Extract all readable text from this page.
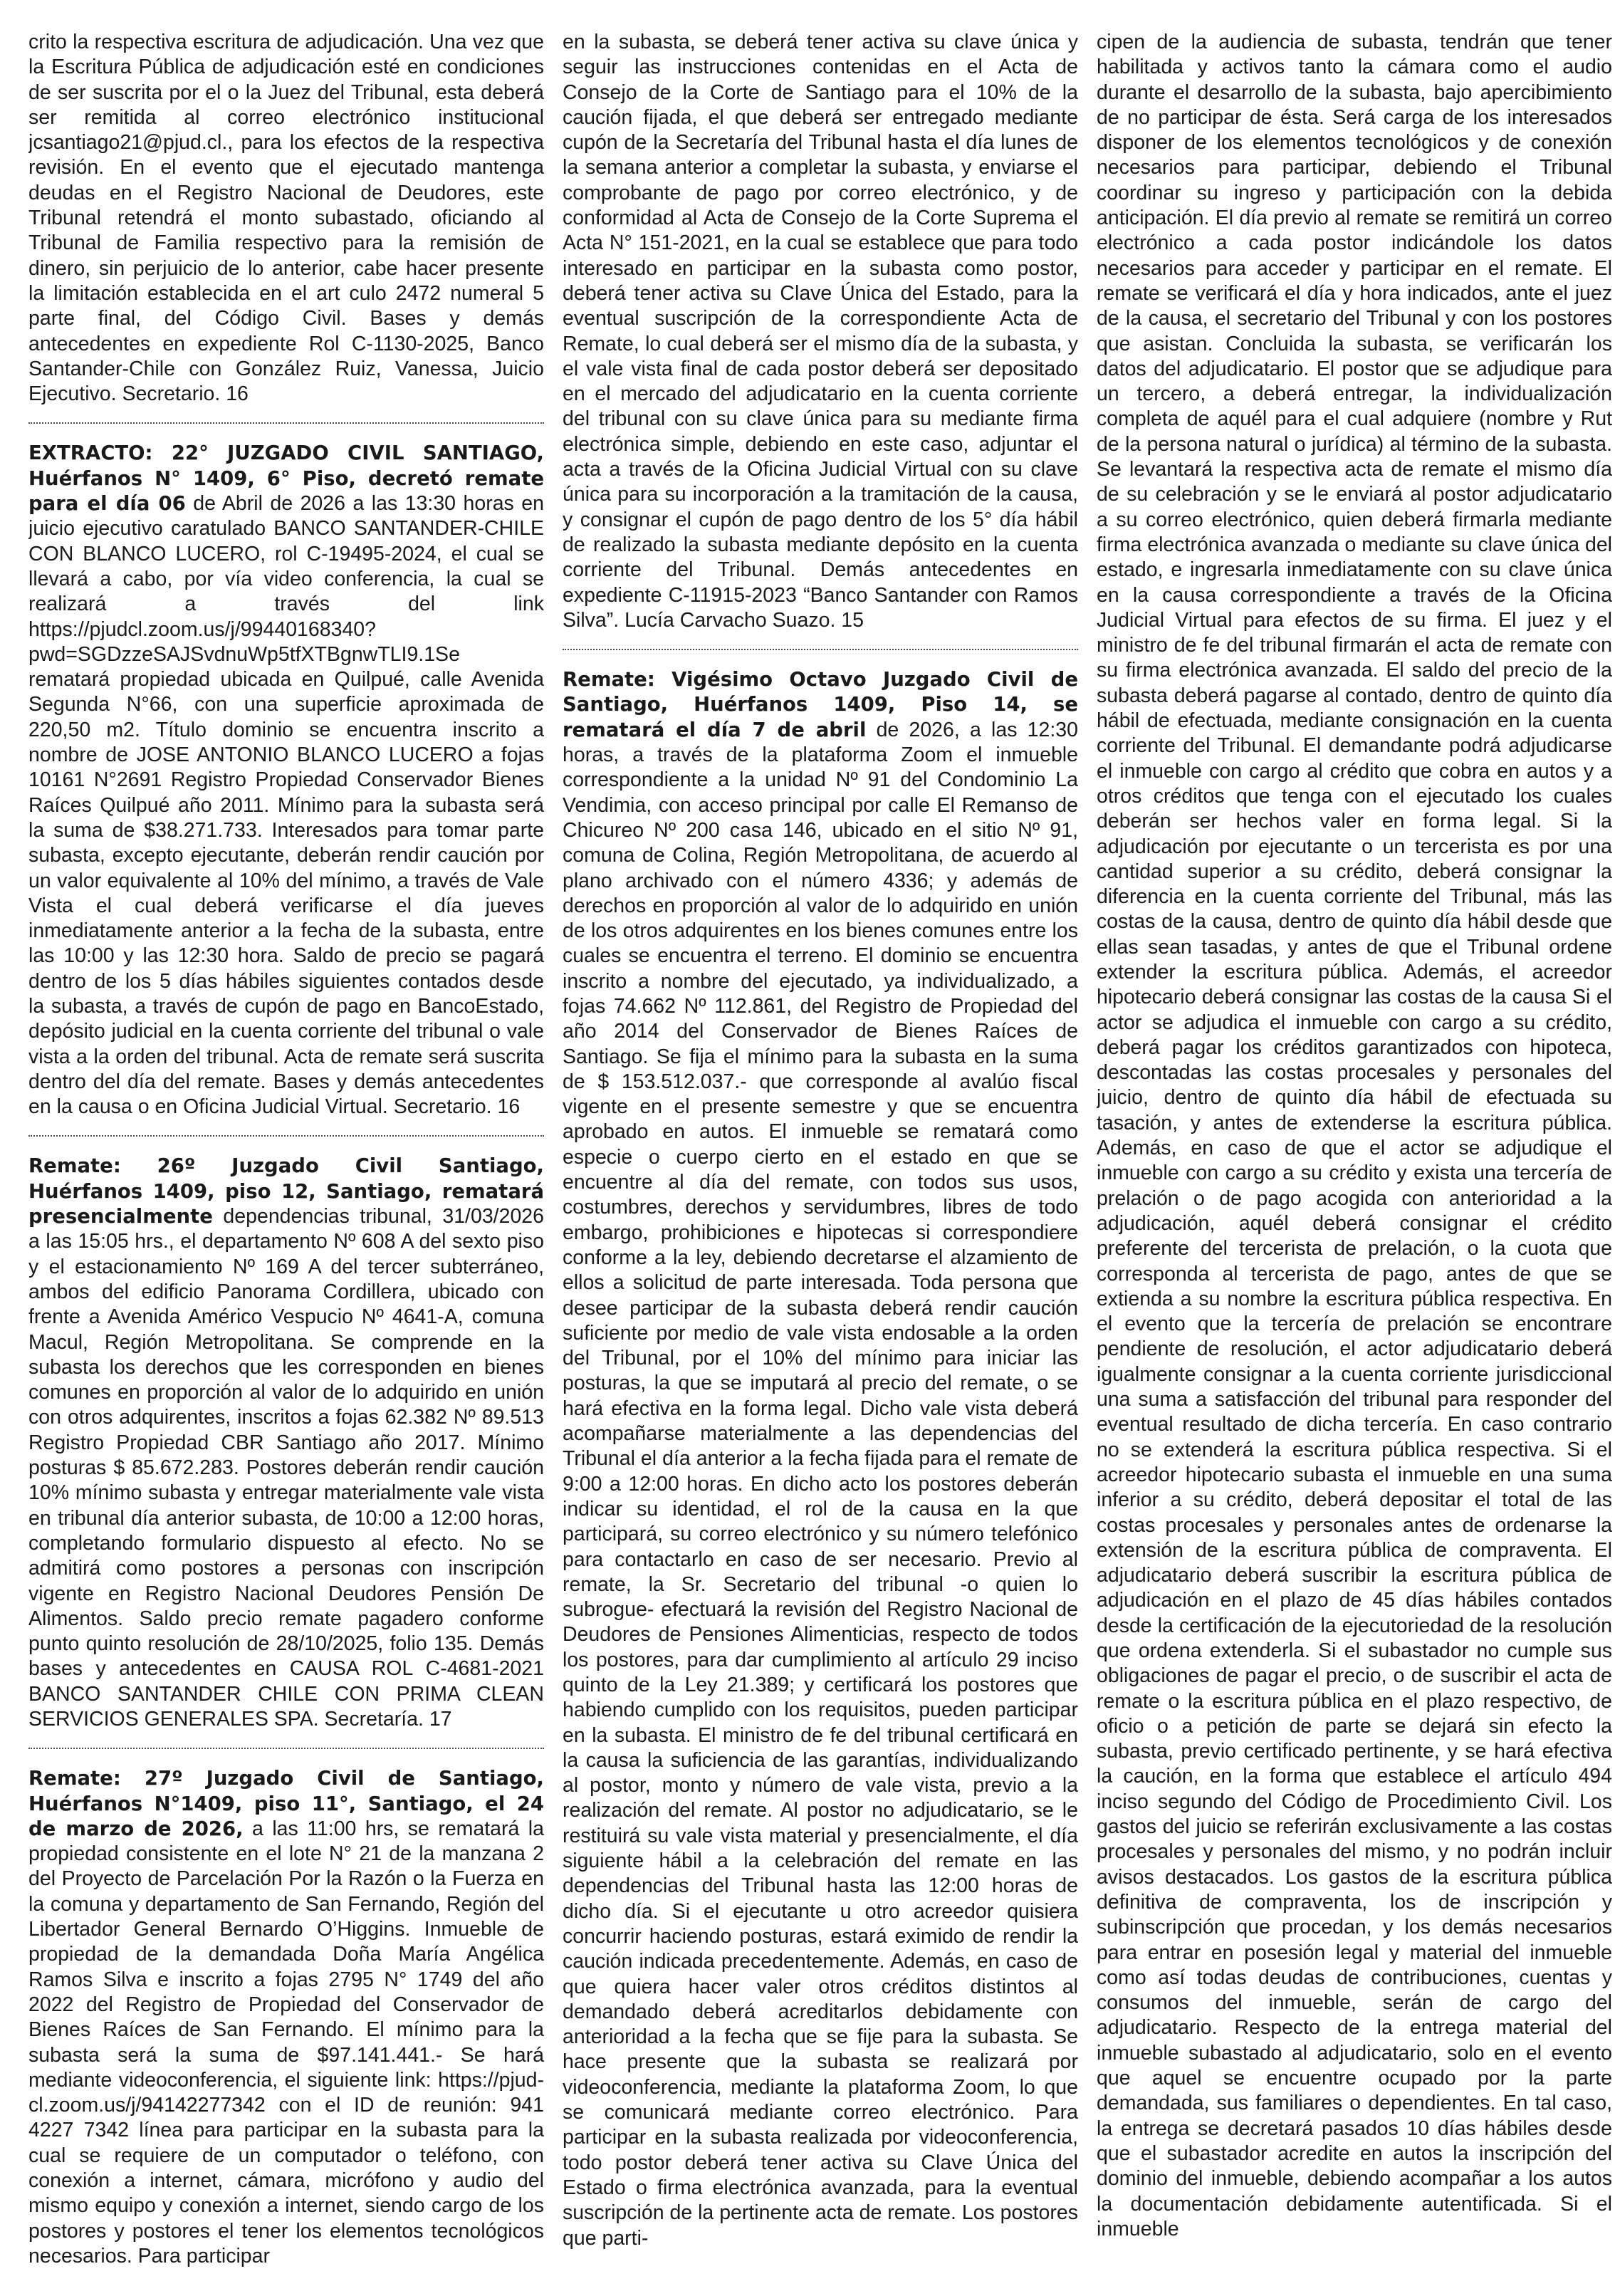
crito la respectiva escritura de adjudicación. Una vez que la Escritura Pública de adjudicación esté en condiciones de ser suscrita por el o la Juez del Tribunal, esta deberá ser remitida al correo electrónico institucional jcsantiago21@pjud.cl., para los efectos de la respectiva revisión. En el evento que el ejecutado mantenga deudas en el Registro Nacional de Deudores, este Tribunal retendrá el monto subastado, oficiando al Tribunal de Familia respectivo para la remisión de dinero, sin perjuicio de lo anterior, cabe hacer presente la limitación establecida en el art culo 2472 numeral 5 parte final, del Código Civil. Bases y demás antecedentes en expediente Rol C-1130-2025, Banco Santander-Chile con González Ruiz, Vanessa, Juicio Ejecutivo. Secretario. 16

EXTRACTO: 22° JUZGADO CIVIL SANTIAGO, Huérfanos N° 1409, 6° Piso, decretó remate para el día 06 de Abril de 2026 a las 13:30 horas en juicio ejecutivo caratulado BANCO SANTANDER-CHILE CON BLANCO LUCERO, rol C-19495-2024, el cual se llevará a cabo, por vía video conferencia, la cual se realizará a través del link https://pjudcl.zoom.us/j/99440168340?pwd=SGDzzeSAJSvdnuWp5tfXTBgnwTLI9.1Se rematará propiedad ubicada en Quilpué, calle Avenida Segunda N°66, con una superficie aproximada de 220,50 m2. Título dominio se encuentra inscrito a nombre de JOSE ANTONIO BLANCO LUCERO a fojas 10161 N°2691 Registro Propiedad Conservador Bienes Raíces Quilpué año 2011. Mínimo para la subasta será la suma de $38.271.733. Interesados para tomar parte subasta, excepto ejecutante, deberán rendir caución por un valor equivalente al 10% del mínimo, a través de Vale Vista el cual deberá verificarse el día jueves inmediatamente anterior a la fecha de la subasta, entre las 10:00 y las 12:30 hora. Saldo de precio se pagará dentro de los 5 días hábiles siguientes contados desde la subasta, a través de cupón de pago en BancoEstado, depósito judicial en la cuenta corriente del tribunal o vale vista a la orden del tribunal. Acta de remate será suscrita dentro del día del remate. Bases y demás antecedentes en la causa o en Oficina Judicial Virtual. Secretario. 16

Remate: 26º Juzgado Civil Santiago, Huérfanos 1409, piso 12, Santiago, rematará presencialmente dependencias tribunal, 31/03/2026 a las 15:05 hrs., el departamento Nº 608 A del sexto piso y el estacionamiento Nº 169 A del tercer subterráneo, ambos del edificio Panorama Cordillera, ubicado con frente a Avenida Américo Vespucio Nº 4641-A, comuna Macul, Región Metropolitana. Se comprende en la subasta los derechos que les corresponden en bienes comunes en proporción al valor de lo adquirido en unión con otros adquirentes, inscritos a fojas 62.382 Nº 89.513 Registro Propiedad CBR Santiago año 2017. Mínimo posturas $ 85.672.283. Postores deberán rendir caución 10% mínimo subasta y entregar materialmente vale vista en tribunal día anterior subasta, de 10:00 a 12:00 horas, completando formulario dispuesto al efecto. No se admitirá como postores a personas con inscripción vigente en Registro Nacional Deudores Pensión De Alimentos. Saldo precio remate pagadero conforme punto quinto resolución de 28/10/2025, folio 135. Demás bases y antecedentes en CAUSA ROL C-4681-2021 BANCO SANTANDER CHILE CON PRIMA CLEAN SERVICIOS GENERALES SPA. Secretaría. 17

Remate: 27º Juzgado Civil de Santiago, Huérfanos N°1409, piso 11°, Santiago, el 24 de marzo de 2026, a las 11:00 hrs, se rematará la propiedad consistente en el lote N° 21 de la manzana 2 del Proyecto de Parcelación Por la Razón o la Fuerza en la comuna y departamento de San Fernando, Región del Libertador General Bernardo O’Higgins. Inmueble de propiedad de la demandada Doña María Angélica Ramos Silva e inscrito a fojas 2795 N° 1749 del año 2022 del Registro de Propiedad del Conservador de Bienes Raíces de San Fernando. El mínimo para la subasta será la suma de $97.141.441.- Se hará mediante videoconferencia, el siguiente link: https://pjud-cl.zoom.us/j/94142277342 con el ID de reunión: 941 4227 7342 línea para participar en la subasta para la cual se requiere de un computador o teléfono, con conexión a internet, cámara, micrófono y audio del mismo equipo y conexión a internet, siendo cargo de los postores y postores el tener los elementos tecnológicos necesarios. Para participar

en la subasta, se deberá tener activa su clave única y seguir las instrucciones contenidas en el Acta de Consejo de la Corte de Santiago para el 10% de la caución fijada, el que deberá ser entregado mediante cupón de la Secretaría del Tribunal hasta el día lunes de la semana anterior a completar la subasta, y enviarse el comprobante de pago por correo electrónico, y de conformidad al Acta de Consejo de la Corte Suprema el Acta N° 151-2021, en la cual se establece que para todo interesado en participar en la subasta como postor, deberá tener activa su Clave Única del Estado, para la eventual suscripción de la correspondiente Acta de Remate, lo cual deberá ser el mismo día de la subasta, y el vale vista final de cada postor deberá ser depositado en el mercado del adjudicatario en la cuenta corriente del tribunal con su clave única para su mediante firma electrónica simple, debiendo en este caso, adjuntar el acta a través de la Oficina Judicial Virtual con su clave única para su incorporación a la tramitación de la causa, y consignar el cupón de pago dentro de los 5° día hábil de realizado la subasta mediante depósito en la cuenta corriente del Tribunal. Demás antecedentes en expediente C-11915-2023 “Banco Santander con Ramos Silva”. Lucía Carvacho Suazo. 15

Remate: Vigésimo Octavo Juzgado Civil de Santiago, Huérfanos 1409, Piso 14, se rematará el día 7 de abril de 2026, a las 12:30 horas, a través de la plataforma Zoom el inmueble correspondiente a la unidad Nº 91 del Condominio La Vendimia, con acceso principal por calle El Remanso de Chicureo Nº 200 casa 146, ubicado en el sitio Nº 91, comuna de Colina, Región Metropolitana, de acuerdo al plano archivado con el número 4336; y además de derechos en proporción al valor de lo adquirido en unión de los otros adquirentes en los bienes comunes entre los cuales se encuentra el terreno. El dominio se encuentra inscrito a nombre del ejecutado, ya individualizado, a fojas 74.662 Nº 112.861, del Registro de Propiedad del año 2014 del Conservador de Bienes Raíces de Santiago. Se fija el mínimo para la subasta en la suma de $ 153.512.037.- que corresponde al avalúo fiscal vigente en el presente semestre y que se encuentra aprobado en autos. El inmueble se rematará como especie o cuerpo cierto en el estado en que se encuentre al día del remate, con todos sus usos, costumbres, derechos y servidumbres, libres de todo embargo, prohibiciones e hipotecas si correspondiere conforme a la ley, debiendo decretarse el alzamiento de ellos a solicitud de parte interesada. Toda persona que desee participar de la subasta deberá rendir caución suficiente por medio de vale vista endosable a la orden del Tribunal, por el 10% del mínimo para iniciar las posturas, la que se imputará al precio del remate, o se hará efectiva en la forma legal. Dicho vale vista deberá acompañarse materialmente a las dependencias del Tribunal el día anterior a la fecha fijada para el remate de 9:00 a 12:00 horas. En dicho acto los postores deberán indicar su identidad, el rol de la causa en la que participará, su correo electrónico y su número telefónico para contactarlo en caso de ser necesario. Previo al remate, la Sr. Secretario del tribunal -o quien lo subrogue- efectuará la revisión del Registro Nacional de Deudores de Pensiones Alimenticias, respecto de todos los postores, para dar cumplimiento al artículo 29 inciso quinto de la Ley 21.389; y certificará los postores que habiendo cumplido con los requisitos, pueden participar en la subasta. El ministro de fe del tribunal certificará en la causa la suficiencia de las garantías, individualizando al postor, monto y número de vale vista, previo a la realización del remate. Al postor no adjudicatario, se le restituirá su vale vista material y presencialmente, el día siguiente hábil a la celebración del remate en las dependencias del Tribunal hasta las 12:00 horas de dicho día. Si el ejecutante u otro acreedor quisiera concurrir haciendo posturas, estará eximido de rendir la caución indicada precedentemente. Además, en caso de que quiera hacer valer otros créditos distintos al demandado deberá acreditarlos debidamente con anterioridad a la fecha que se fije para la subasta. Se hace presente que la subasta se realizará por videoconferencia, mediante la plataforma Zoom, lo que se comunicará mediante correo electrónico. Para participar en la subasta realizada por videoconferencia, todo postor deberá tener activa su Clave Única del Estado o firma electrónica avanzada, para la eventual suscripción de la pertinente acta de remate. Los postores que parti-

cipen de la audiencia de subasta, tendrán que tener habilitada y activos tanto la cámara como el audio durante el desarrollo de la subasta, bajo apercibimiento de no participar de ésta. Será carga de los interesados disponer de los elementos tecnológicos y de conexión necesarios para participar, debiendo el Tribunal coordinar su ingreso y participación con la debida anticipación. El día previo al remate se remitirá un correo electrónico a cada postor indicándole los datos necesarios para acceder y participar en el remate. El remate se verificará el día y hora indicados, ante el juez de la causa, el secretario del Tribunal y con los postores que asistan. Concluida la subasta, se verificarán los datos del adjudicatario. El postor que se adjudique para un tercero, a deberá entregar, la individualización completa de aquél para el cual adquiere (nombre y Rut de la persona natural o jurídica) al término de la subasta. Se levantará la respectiva acta de remate el mismo día de su celebración y se le enviará al postor adjudicatario a su correo electrónico, quien deberá firmarla mediante firma electrónica avanzada o mediante su clave única del estado, e ingresarla inmediatamente con su clave única en la causa correspondiente a través de la Oficina Judicial Virtual para efectos de su firma. El juez y el ministro de fe del tribunal firmarán el acta de remate con su firma electrónica avanzada. El saldo del precio de la subasta deberá pagarse al contado, dentro de quinto día hábil de efectuada, mediante consignación en la cuenta corriente del Tribunal. El demandante podrá adjudicarse el inmueble con cargo al crédito que cobra en autos y a otros créditos que tenga con el ejecutado los cuales deberán ser hechos valer en forma legal. Si la adjudicación por ejecutante o un tercerista es por una cantidad superior a su crédito, deberá consignar la diferencia en la cuenta corriente del Tribunal, más las costas de la causa, dentro de quinto día hábil desde que ellas sean tasadas, y antes de que el Tribunal ordene extender la escritura pública. Además, el acreedor hipotecario deberá consignar las costas de la causa Si el actor se adjudica el inmueble con cargo a su crédito, deberá pagar los créditos garantizados con hipoteca, descontadas las costas procesales y personales del juicio, dentro de quinto día hábil de efectuada su tasación, y antes de extenderse la escritura pública. Además, en caso de que el actor se adjudique el inmueble con cargo a su crédito y exista una tercería de prelación o de pago acogida con anterioridad a la adjudicación, aquél deberá consignar el crédito preferente del tercerista de prelación, o la cuota que corresponda al tercerista de pago, antes de que se extienda a su nombre la escritura pública respectiva. En el evento que la tercería de prelación se encontrare pendiente de resolución, el actor adjudicatario deberá igualmente consignar a la cuenta corriente jurisdiccional una suma a satisfacción del tribunal para responder del eventual resultado de dicha tercería. En caso contrario no se extenderá la escritura pública respectiva. Si el acreedor hipotecario subasta el inmueble en una suma inferior a su crédito, deberá depositar el total de las costas procesales y personales antes de ordenarse la extensión de la escritura pública de compraventa. El adjudicatario deberá suscribir la escritura pública de adjudicación en el plazo de 45 días hábiles contados desde la certificación de la ejecutoriedad de la resolución que ordena extenderla. Si el subastador no cumple sus obligaciones de pagar el precio, o de suscribir el acta de remate o la escritura pública en el plazo respectivo, de oficio o a petición de parte se dejará sin efecto la subasta, previo certificado pertinente, y se hará efectiva la caución, en la forma que establece el artículo 494 inciso segundo del Código de Procedimiento Civil. Los gastos del juicio se referirán exclusivamente a las costas procesales y personales del mismo, y no podrán incluir avisos destacados. Los gastos de la escritura pública definitiva de compraventa, los de inscripción y subinscripción que procedan, y los demás necesarios para entrar en posesión legal y material del inmueble como así todas deudas de contribuciones, cuentas y consumos del inmueble, serán de cargo del adjudicatario. Respecto de la entrega material del inmueble subastado al adjudicatario, solo en el evento que aquel se encuentre ocupado por la parte demandada, sus familiares o dependientes. En tal caso, la entrega se decretará pasados 10 días hábiles desde que el subastador acredite en autos la inscripción del dominio del inmueble, debiendo acompañar a los autos la documentación debidamente autentificada. Si el inmueble
